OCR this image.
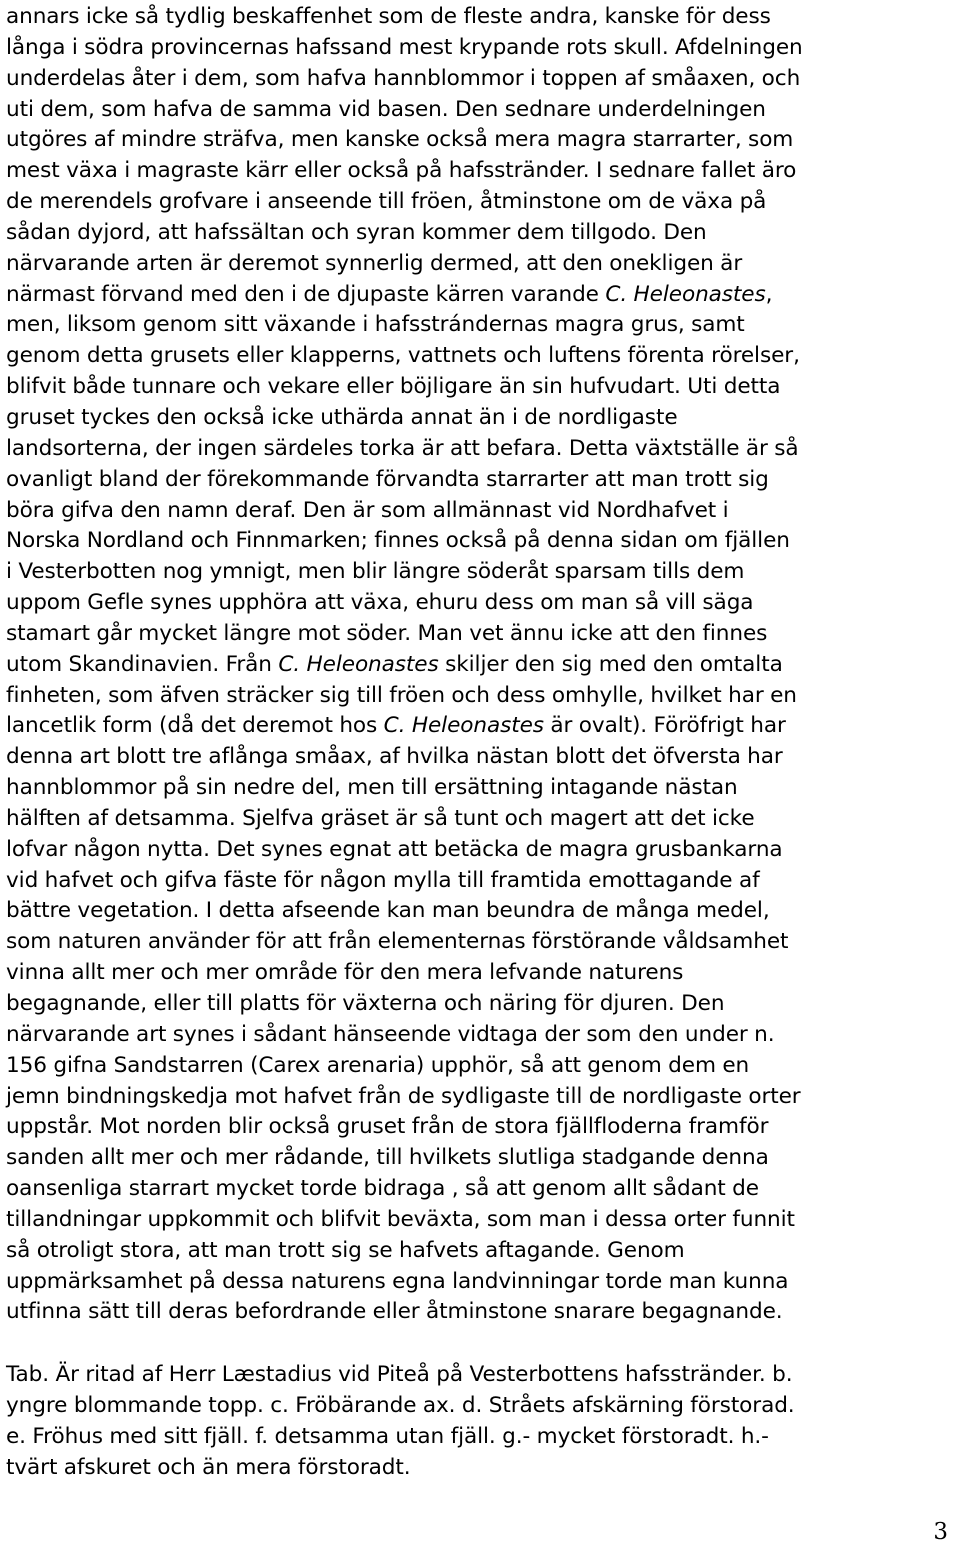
annars icke så tydlig beskaffenhet som de fleste andra, kanske för dess
långa i södra provincernas hafssand mest krypande rots skull. Afdelningen
underdelas åter i dem, som hafva hannblommor i toppen af småaxen, och
uti dem, som hafva de samma vid basen. Den sednare underdelningen
utgöres af mindre sträfva, men kanske också mera magra starrarter, som
mest växa i magraste kärr eller också på hafsstränder. I sednare fallet äro
de merendels grofvare i anseende till fröen, åtminstone om de växa på
sådan dyjord, att hafssältan och syran kommer dem tillgodo. Den
närvarande arten är deremot synnerlig dermed, att den onekligen är
närmast förvand med den i de djupaste kärren varande C. Heleonastes,
men, liksom genom sitt växande i hafsstrándernas magra grus, samt
genom detta grusets eller klapperns, vattnets och luftens förenta rörelser,
blifvit både tunnare och vekare eller böjligare än sin hufvudart. Uti detta
gruset tyckes den också icke uthärda annat än i de nordligaste
landsorterna, der ingen särdeles torka är att befara. Detta växtställe är så
ovanligt bland der förekommande förvandta starrarter att man trott sig
böra gifva den namn deraf. Den är som allmännast vid Nordhafvet i
Norska Nordland och Finnmarken; finnes också på denna sidan om fjällen
i Vesterbotten nog ymnigt, men blir längre söderåt sparsam tills dem
uppom Gefle synes upphöra att växa, ehuru dess om man så vill säga
stamart går mycket längre mot söder. Man vet ännu icke att den finnes
utom Skandinavien. Från C. Heleonastes skiljer den sig med den omtalta
finheten, som äfven sträcker sig till fröen och dess omhylle, hvilket har en
lancetlik form (då det deremot hos C. Heleonastes är ovalt). Föröfrigt har
denna art blott tre aflånga småax, af hvilka nästan blott det öfversta har
hannblommor på sin nedre del, men till ersättning intagande nästan
hälften af detsamma. Sjelfva gräset är så tunt och magert att det icke
lofvar någon nytta. Det synes egnat att betäcka de magra grusbankarna
vid hafvet och gifva fäste för någon mylla till framtida emottagande af
bättre vegetation. I detta afseende kan man beundra de många medel,
som naturen använder för att från elementernas förstörande våldsamhet
vinna allt mer och mer område för den mera lefvande naturens
begagnande, eller till platts för växterna och näring för djuren. Den
närvarande art synes i sådant hänseende vidtaga der som den under n.
156 gifna Sandstarren (Carex arenaria) upphör, så att genom dem en
jemn bindningskedja mot hafvet från de sydligaste till de nordligaste orter
uppstår. Mot norden blir också gruset från de stora fjällfloderna framför
sanden allt mer och mer rådande, till hvilkets slutliga stadgande denna
oansenliga starrart mycket torde bidraga , så att genom allt sådant de
tillandningar uppkommit och blifvit beväxta, som man i dessa orter funnit
så otroligt stora, att man trott sig se hafvets aftagande. Genom
uppmärksamhet på dessa naturens egna landvinningar torde man kunna
utfinna sätt till deras befordrande eller åtminstone snarare begagnande.
Tab. Är ritad af Herr Læstadius vid Piteå på Vesterbottens hafsstränder. b.
yngre blommande topp. c. Fröbärande ax. d. Stråets afskärning förstorad.
e. Fröhus med sitt fjäll. f. detsamma utan fjäll. g.- mycket förstoradt. h.-
tvärt afskuret och än mera förstoradt.
3
